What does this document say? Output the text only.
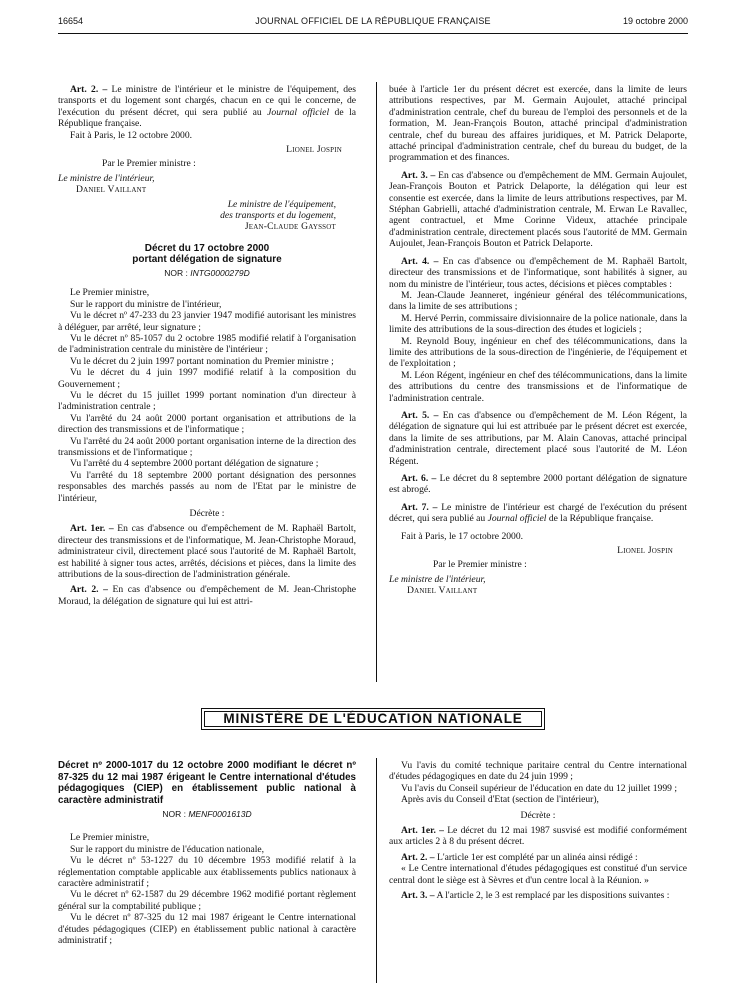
16654	JOURNAL OFFICIEL DE LA RÉPUBLIQUE FRANÇAISE	19 octobre 2000

Art. 2. – Le ministre de l'intérieur et le ministre de l'équipement, des transports et du logement sont chargés, chacun en ce qui le concerne, de l'exécution du présent décret, qui sera publié au Journal officiel de la République française.

Fait à Paris, le 12 octobre 2000.

Lionel Jospin

Par le Premier ministre :

Le ministre de l'intérieur,

Daniel Vaillant

Le ministre de l'équipement,

des transports et du logement,

Jean-Claude Gayssot

Décret du 17 octobre 2000
portant délégation de signature
NOR : INTG0000279D

Le Premier ministre,

Sur le rapport du ministre de l'intérieur,

Vu le décret nº 47-233 du 23 janvier 1947 modifié autorisant les ministres à déléguer, par arrêté, leur signature ;

Vu le décret nº 85-1057 du 2 octobre 1985 modifié relatif à l'organisation de l'administration centrale du ministère de l'intérieur ;

Vu le décret du 2 juin 1997 portant nomination du Premier ministre ;

Vu le décret du 4 juin 1997 modifié relatif à la composition du Gouvernement ;

Vu le décret du 15 juillet 1999 portant nomination d'un directeur à l'administration centrale ;

Vu l'arrêté du 24 août 2000 portant organisation et attributions de la direction des transmissions et de l'informatique ;

Vu l'arrêté du 24 août 2000 portant organisation interne de la direction des transmissions et de l'informatique ;

Vu l'arrêté du 4 septembre 2000 portant délégation de signature ;

Vu l'arrêté du 18 septembre 2000 portant désignation des personnes responsables des marchés passés au nom de l'Etat par le ministre de l'intérieur,

Décrète :

Art. 1er. – En cas d'absence ou d'empêchement de M. Raphaël Bartolt, directeur des transmissions et de l'informatique, M. Jean-Christophe Moraud, administrateur civil, directement placé sous l'autorité de M. Raphaël Bartolt, est habilité à signer tous actes, arrêtés, décisions et pièces, dans la limite des attributions de la sous-direction de l'administration générale.

Art. 2. – En cas d'absence ou d'empêchement de M. Jean-Christophe Moraud, la délégation de signature qui lui est attri-

buée à l'article 1er du présent décret est exercée, dans la limite de leurs attributions respectives, par M. Germain Aujoulet, attaché principal d'administration centrale, chef du bureau de l'emploi des personnels et de la formation, M. Jean-François Bouton, attaché principal d'administration centrale, chef du bureau des affaires juridiques, et M. Patrick Delaporte, attaché principal d'administration centrale, chef du bureau du budget, de la programmation et des finances.

Art. 3. – En cas d'absence ou d'empêchement de MM. Germain Aujoulet, Jean-François Bouton et Patrick Delaporte, la délégation qui leur est consentie est exercée, dans la limite de leurs attributions respectives, par M. Stéphan Gabrielli, attaché d'administration centrale, M. Erwan Le Ravallec, agent contractuel, et Mme Corinne Videux, attachée principale d'administration centrale, directement placés sous l'autorité de MM. Germain Aujoulet, Jean-François Bouton et Patrick Delaporte.

Art. 4. – En cas d'absence ou d'empêchement de M. Raphaël Bartolt, directeur des transmissions et de l'informatique, sont habilités à signer, au nom du ministre de l'intérieur, tous actes, décisions et pièces comptables :

M. Jean-Claude Jeanneret, ingénieur général des télécommunications, dans la limite de ses attributions ;

M. Hervé Perrin, commissaire divisionnaire de la police nationale, dans la limite des attributions de la sous-direction des études et logiciels ;

M. Reynold Bouy, ingénieur en chef des télécommunications, dans la limite des attributions de la sous-direction de l'ingénierie, de l'équipement et de l'exploitation ;

M. Léon Régent, ingénieur en chef des télécommunications, dans la limite des attributions du centre des transmissions et de l'informatique de l'administration centrale.

Art. 5. – En cas d'absence ou d'empêchement de M. Léon Régent, la délégation de signature qui lui est attribuée par le présent décret est exercée, dans la limite de ses attributions, par M. Alain Canovas, attaché principal d'administration centrale, directement placé sous l'autorité de M. Léon Régent.

Art. 6. – Le décret du 8 septembre 2000 portant délégation de signature est abrogé.

Art. 7. – Le ministre de l'intérieur est chargé de l'exécution du présent décret, qui sera publié au Journal officiel de la République française.

Fait à Paris, le 17 octobre 2000.

Lionel Jospin

Par le Premier ministre :

Le ministre de l'intérieur,

Daniel Vaillant

MINISTÈRE DE L'ÉDUCATION NATIONALE
Décret nº 2000-1017 du 12 octobre 2000 modifiant le décret nº 87-325 du 12 mai 1987 érigeant le Centre international d'études pédagogiques (CIEP) en établissement public national à caractère administratif
NOR : MENF0001613D

Le Premier ministre,

Sur le rapport du ministre de l'éducation nationale,

Vu le décret nº 53-1227 du 10 décembre 1953 modifié relatif à la réglementation comptable applicable aux établissements publics nationaux à caractère administratif ;

Vu le décret nº 62-1587 du 29 décembre 1962 modifié portant règlement général sur la comptabilité publique ;

Vu le décret nº 87-325 du 12 mai 1987 érigeant le Centre international d'études pédagogiques (CIEP) en établissement public national à caractère administratif ;

Vu l'avis du comité technique paritaire central du Centre international d'études pédagogiques en date du 24 juin 1999 ;

Vu l'avis du Conseil supérieur de l'éducation en date du 12 juillet 1999 ;

Après avis du Conseil d'Etat (section de l'intérieur),

Décrète :

Art. 1er. – Le décret du 12 mai 1987 susvisé est modifié conformément aux articles 2 à 8 du présent décret.

Art. 2. – L'article 1er est complété par un alinéa ainsi rédigé :

« Le Centre international d'études pédagogiques est constitué d'un service central dont le siège est à Sèvres et d'un centre local à la Réunion. »

Art. 3. – A l'article 2, le 3 est remplacé par les dispositions suivantes :
